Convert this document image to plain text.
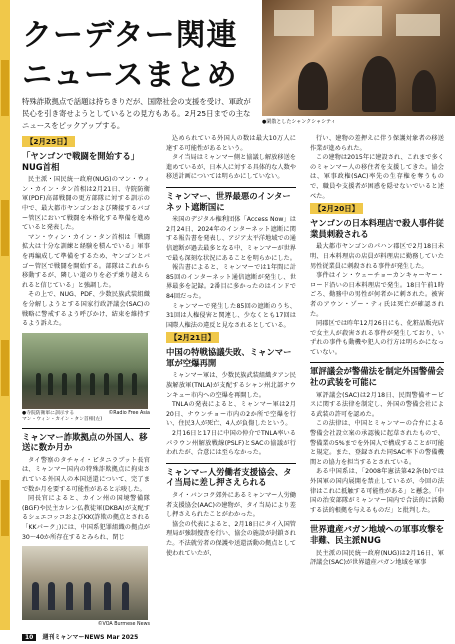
クーデター関連
ニュースまとめ
特殊詐欺拠点で話題は持ちきりだが、国際社会の支援を受け、軍政が民心を引き寄せようとしているとの見方もある。2月25日までの主なニュースをピックアップする。	●閑散としたシャンクシャシティ
【2月25日】
「ヤンゴンで戦闘を開始する」NUG首相

民主派・国民統一政府(NUG)のマン・ウィン・カイン・タン首相は2月21日、寺院防衛軍(PDF)高部戦闘の更方部隊に対する訓示の中で、最大都市ヤンゴンおよび隣接するバゴー管区において戦闘を本格化する準備を進めていると発表した。

マン・ウィン・カイン・タン首相は「戦闘拡大は十分な訓練と経験を積んでいる」軍事を再編成して準備をするため、ヤンゴンとバゴー管区で戦闘を開始する。部隊はこれから移動するが、隣しい道のりを必ず乗り越えられると信じている」と強調した。

その上で、NUG、PDF、少数民族武装組織を分解しようとする国家行政評議会(SAC)の戦略に警戒するよう呼びかけ、結束を維持するよう訴えた。

●寺院防衛軍に訓示する
マン・ウィン・カイン・タン首相(左)
©Radio Free Asia
ミャンマー詐欺拠点の外国人、移送に数か月か

タイ警察のタチャイ・ピタニラブット長官は、ミャンマー国内の特殊詐欺拠点に拘束されている外国人の本国送還について、完了まで数か月を要する可能性があると示唆した。

同長官によると、カイン州の国境警備隊(BGF)や民主カレン仏教徒軍(DKBA)が支配するシュエコッコおよびKK(詐欺の拠点とされる「KKパーク」)には、中国系犯罪組織の拠点が30〜40か所存在するとみられ、閉じ

©VOA Burmese News

込められている外国人の数は最大10万人に達する可能性があるという。

タイ当局はミャンマー側と協議し解放移送を進めているが、日本人に対する具体的な人数や移送計画については明らかにしていない。

ミャンマー、世界最悪のインターネット遮断国に

米国のデジタル権利団体「Access Now」は2月24日、2024年のインターネット遮断に関する報告書を発表し、アジア太平洋地域での通信遮断が過去最多となる中、ミャンマーが世界で最も深刻な状況にあることを明らかにした。

報告書によると、ミャンマーでは1年間に計85回のインターネット通信遮断が発生し、世界最多を記録。2番目に多かったのはインドで84回だった。

ミャンマーで発生した85回の遮断のうち、31回は人権侵害と関連し、少なくとも17回は国際人権法の違反と見なされるとしている。

【2月21日】
中国の特戦協議失敗、ミャンマー軍が空爆再開

ミャンマー軍は、少数民族武装組織タアン民族解放軍(TNLA)が支配するシャン州北部ナウンキュー市内への空爆を再開した。

TNLAの発表によると、ミャンマー軍は2月20日、ナウンチョー市内の2か所で空爆を行い、住民3人が死亡、4人が負傷したという。

2月16日と17日に中国の仲介でTNLA率いるパラウン州解放戦線(PSLF)とSACの協議が行われたが、合意には至らなかった。

ミャンマー人労働者支援協会、タイ当局に差し押さえられる

タイ・バンコク郊外にあるミャンマー人労働者支援協会(AAC)の建物が、タイ当局により差し押さえられたことがわかった。

協会の代表によると、2月18日にタイ入国管理局が強制捜査を行い、協会の施設が封鎖された。不法就労者の保護や送還活動の拠点として使われていたが、

行い、建物の差押えに伴う保護対象者の移送作業が進められた。

この建物は2015年に建設され、これまで多くのミャンマー人の移住者を支援してきた。協会は、軍事政権(SAC)率先の生存権を奪うもので、職員や支援者が困惑を隠せないでいると述べた。

【2月20日】
ヤンゴンの日本料理店で殺人事件従業員刺殺される

最大都市ヤンゴンのパハン郡区で2月18日未明、日本料理店の店員が料理店に勤務していた男性従業員に刺殺される事件が発生した。

事件はイン・ウェーチョーカンキャーヤー・ロード沿いの日本料理店で発生。18日午前1時ごろ、勤務中の男性が何者かに刺された。被害者のアウン・ゾー・ティ氏は死亡が確認された。

同郡区では昨年12月26日にも、化粧品販売店で女主人が殺害される事件が発生しており、いずれの事件も動機や犯人の行方は明らかになっていない。

軍評議会が警備法を制定外国警備会社の武装を可能に

軍評議会(SAC)は2月18日、民間警備サービスに関する法律を制定し、外国の警備会社による武装の許可を認めた。

この法律は、中国とミャンマーの合弁による警備会社設立案の承認後に起草されたもので、警備業の5%までを外国人で構成することが可能と規定。また、登録された同SAC率下の警備機関との協力を担当するとされている。

ある中国系は、「2008年憲法第42条(b)では外国軍の国内展開を禁止しているが、今回の法律はこれに抵触する可能性がある」と懸念。「中国の治安部隊がミャンマー国内で合法的に活動する法的根拠を与えるものだ」と批判した。

世界遺産バガン地域への軍事攻撃を非難、民主派NUG

民主派の国民統一政府(NUG)は2月16日、軍評議会(SAC)が世界遺産バガン地域を軍事

10 週刊ミャンマーNEWS Mar 2025
